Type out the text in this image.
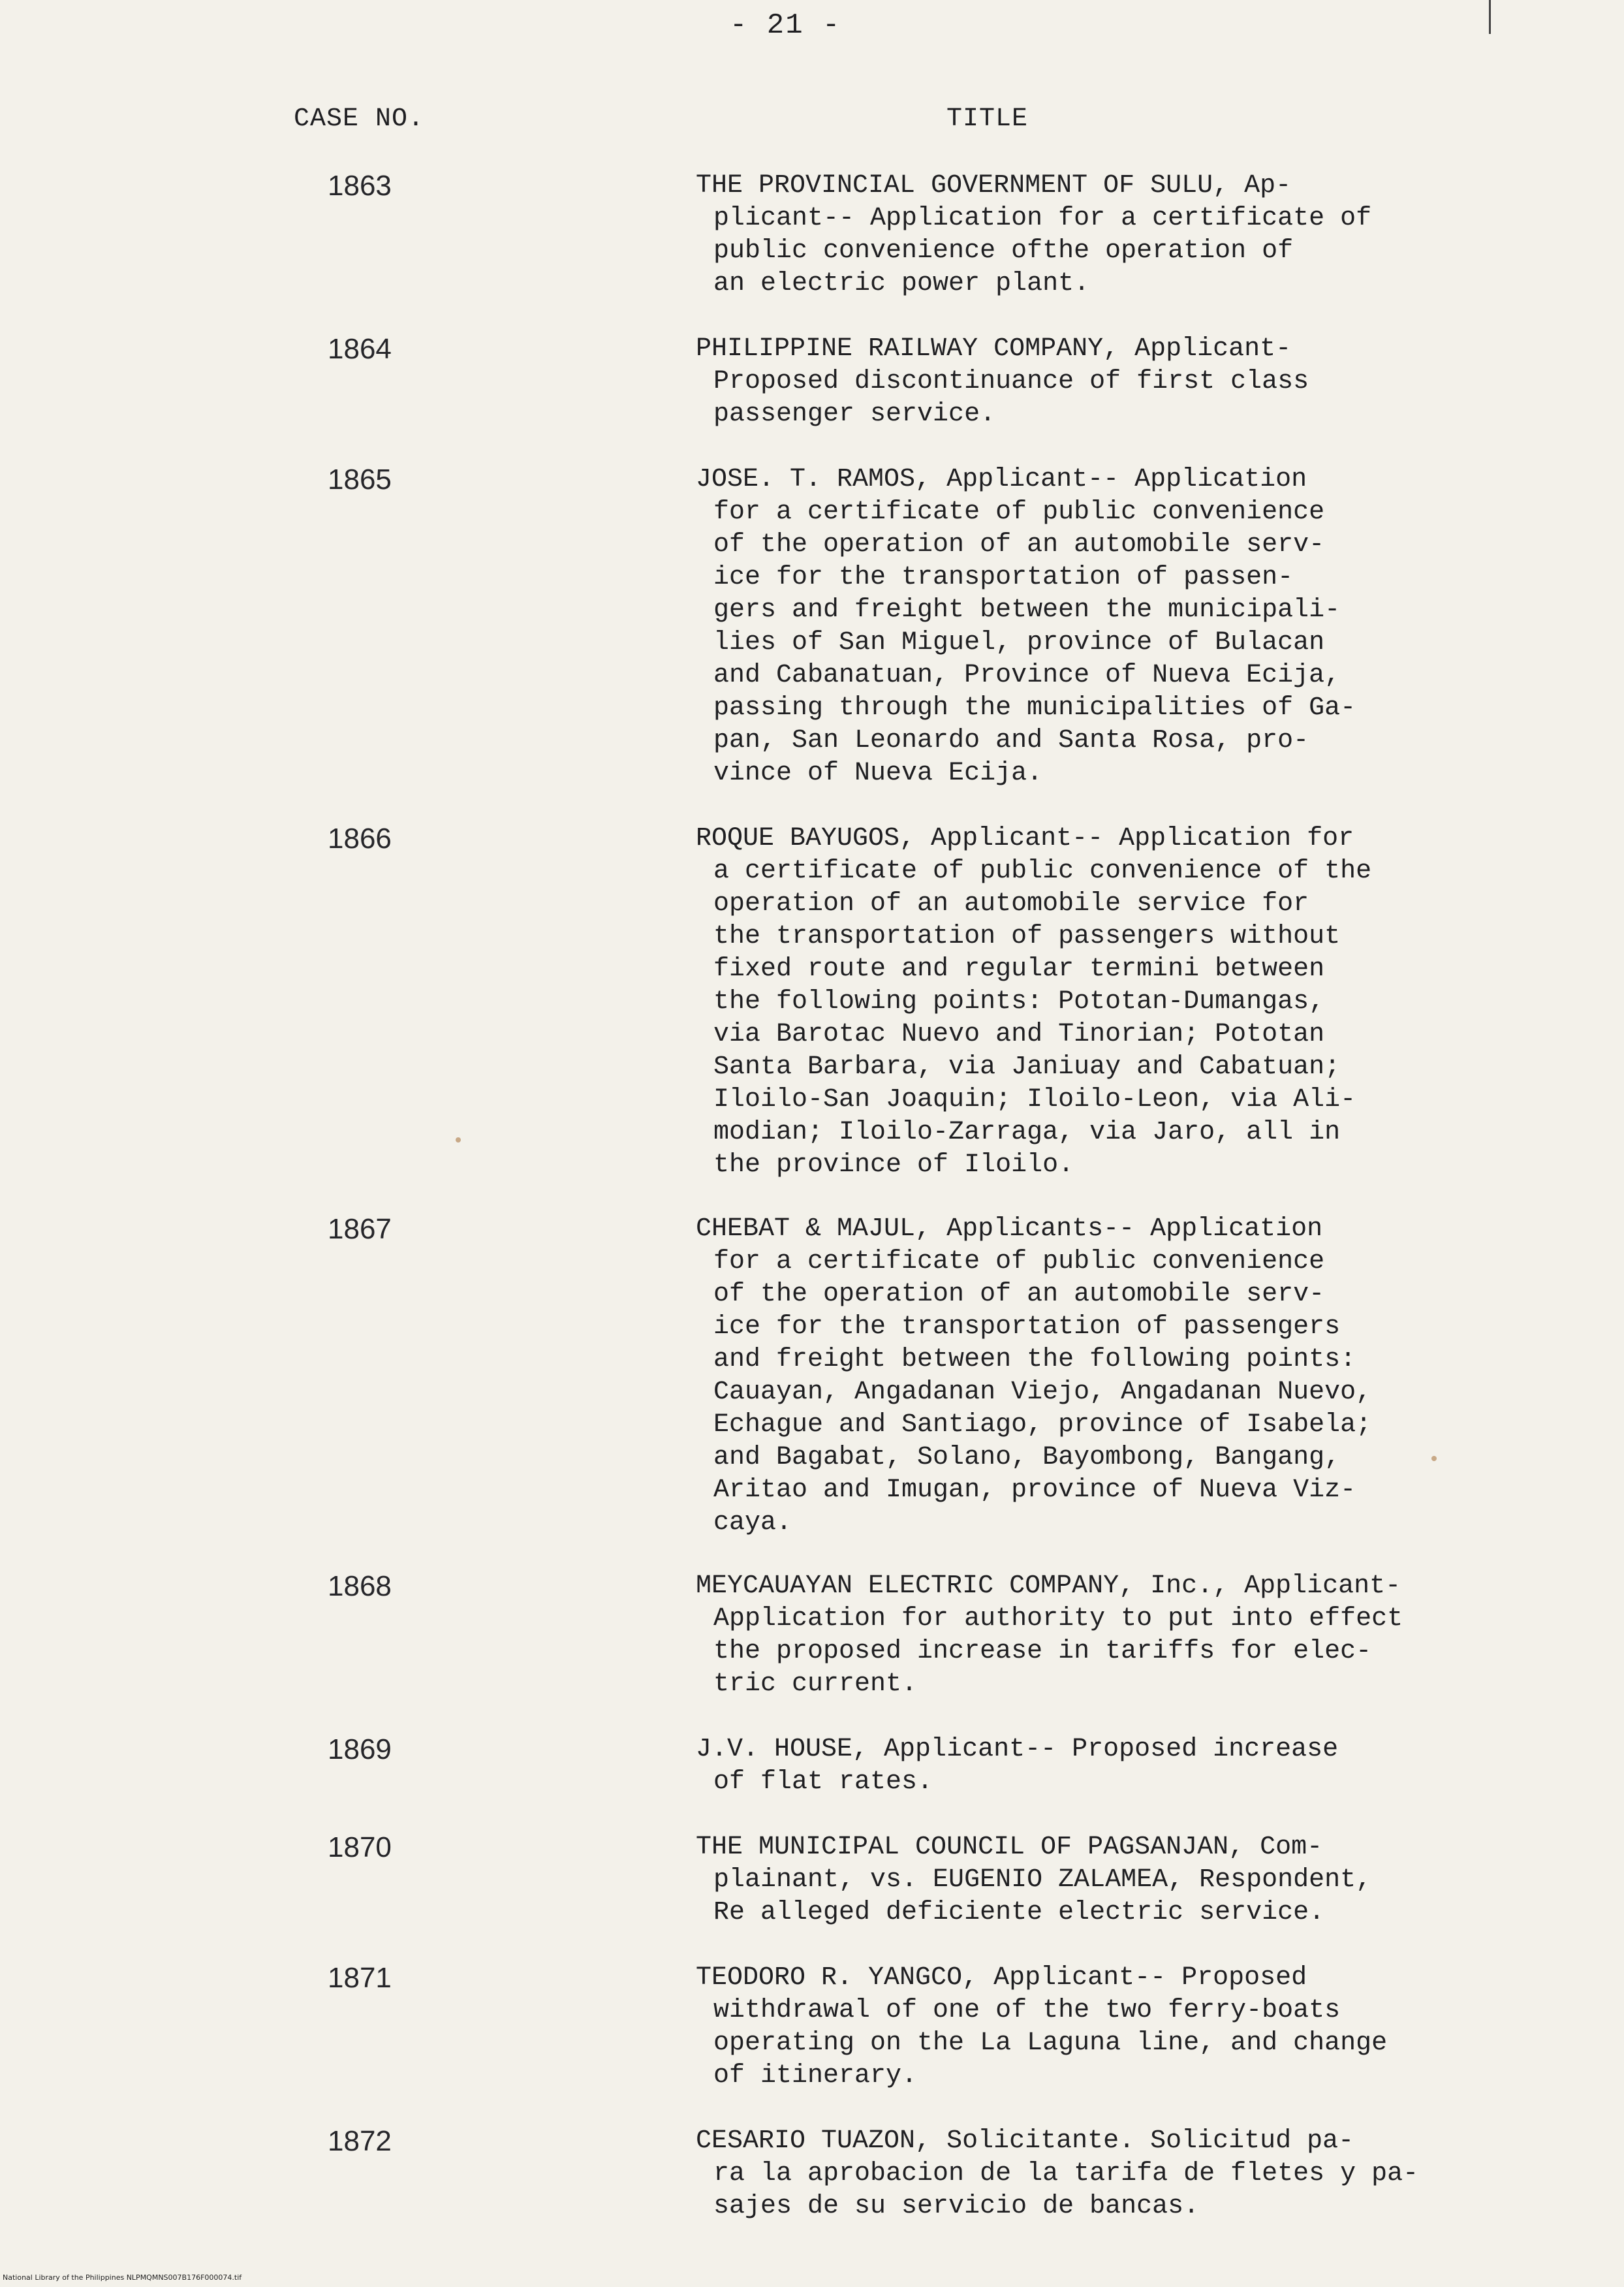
- 21 -
CASE NO.	TITLE
1863	THE PROVINCIAL GOVERNMENT OF SULU, Ap-
plicant-- Application for a certificate of
public convenience ofthe operation of
an electric power plant.
1864	PHILIPPINE RAILWAY COMPANY, Applicant-
Proposed discontinuance of first class
passenger service.
1865	JOSE. T. RAMOS, Applicant-- Application
for a certificate of public convenience
of the operation of an automobile serv-
ice for the transportation of passen-
gers and freight between the municipali-
lies of San Miguel, province of Bulacan
and Cabanatuan, Province of Nueva Ecija,
passing through the municipalities of Ga-
pan, San Leonardo and Santa Rosa, pro-
vince of Nueva Ecija.
1866	ROQUE BAYUGOS, Applicant-- Application for
a certificate of public convenience of the
operation of an automobile service for
the transportation of passengers without
fixed route and regular termini between
the following points: Pototan-Dumangas,
via Barotac Nuevo and Tinorian; Pototan
Santa Barbara, via Janiuay and Cabatuan;
Iloilo-San Joaquin; Iloilo-Leon, via Ali-
modian; Iloilo-Zarraga, via Jaro, all in
the province of Iloilo.
1867	CHEBAT & MAJUL, Applicants-- Application
for a certificate of public convenience
of the operation of an automobile serv-
ice for the transportation of passengers
and freight between the following points:
Cauayan, Angadanan Viejo, Angadanan Nuevo,
Echague and Santiago, province of Isabela;
and Bagabat, Solano, Bayombong, Bangang,
Aritao and Imugan, province of Nueva Viz-
caya.
1868	MEYCAUAYAN ELECTRIC COMPANY, Inc., Applicant-
Application for authority to put into effect
the proposed increase in tariffs for elec-
tric current.
1869	J.V. HOUSE, Applicant-- Proposed increase
of flat rates.
1870	THE MUNICIPAL COUNCIL OF PAGSANJAN, Com-
plainant, vs. EUGENIO ZALAMEA, Respondent,
Re alleged deficiente electric service.
1871	TEODORO R. YANGCO, Applicant-- Proposed
withdrawal of one of the two ferry-boats
operating on the La Laguna line, and change
of itinerary.
1872	CESARIO TUAZON, Solicitante. Solicitud pa-
ra la aprobacion de la tarifa de fletes y pa-
sajes de su servicio de bancas.
National Library of the Philippines NLPMQMNS007B176F000074.tif
